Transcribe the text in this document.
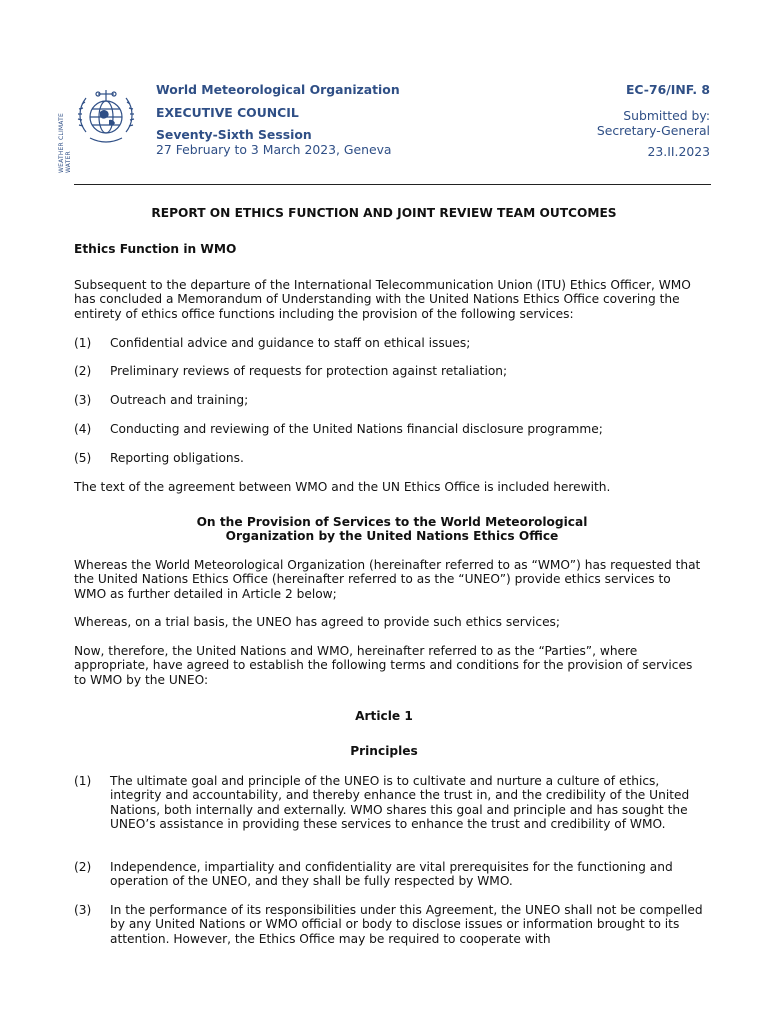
WEATHER CLIMATE WATER
World Meteorological Organization
EXECUTIVE COUNCIL
Seventy-Sixth Session
27 February to 3 March 2023, Geneva
EC-76/INF. 8
Submitted by:
Secretary-General
23.II.2023
REPORT ON ETHICS FUNCTION AND JOINT REVIEW TEAM OUTCOMES
Ethics Function in WMO
Subsequent to the departure of the International Telecommunication Union (ITU) Ethics Officer, WMO has concluded a Memorandum of Understanding with the United Nations Ethics Office covering the entirety of ethics office functions including the provision of the following services:
(1) Confidential advice and guidance to staff on ethical issues;
(2) Preliminary reviews of requests for protection against retaliation;
(3) Outreach and training;
(4) Conducting and reviewing of the United Nations financial disclosure programme;
(5) Reporting obligations.
The text of the agreement between WMO and the UN Ethics Office is included herewith.
On the Provision of Services to the World Meteorological
Organization by the United Nations Ethics Office
Whereas the World Meteorological Organization (hereinafter referred to as “WMO”) has requested that the United Nations Ethics Office (hereinafter referred to as the “UNEO”) provide ethics services to WMO as further detailed in Article 2 below;
Whereas, on a trial basis, the UNEO has agreed to provide such ethics services;
Now, therefore, the United Nations and WMO, hereinafter referred to as the “Parties”, where appropriate, have agreed to establish the following terms and conditions for the provision of services to WMO by the UNEO:
Article 1
Principles
(1) The ultimate goal and principle of the UNEO is to cultivate and nurture a culture of ethics, integrity and accountability, and thereby enhance the trust in, and the credibility of the United Nations, both internally and externally. WMO shares this goal and principle and has sought the UNEO’s assistance in providing these services to enhance the trust and credibility of WMO.
(2) Independence, impartiality and confidentiality are vital prerequisites for the functioning and operation of the UNEO, and they shall be fully respected by WMO.
(3) In the performance of its responsibilities under this Agreement, the UNEO shall not be compelled by any United Nations or WMO official or body to disclose issues or information brought to its attention. However, the Ethics Office may be required to cooperate with
